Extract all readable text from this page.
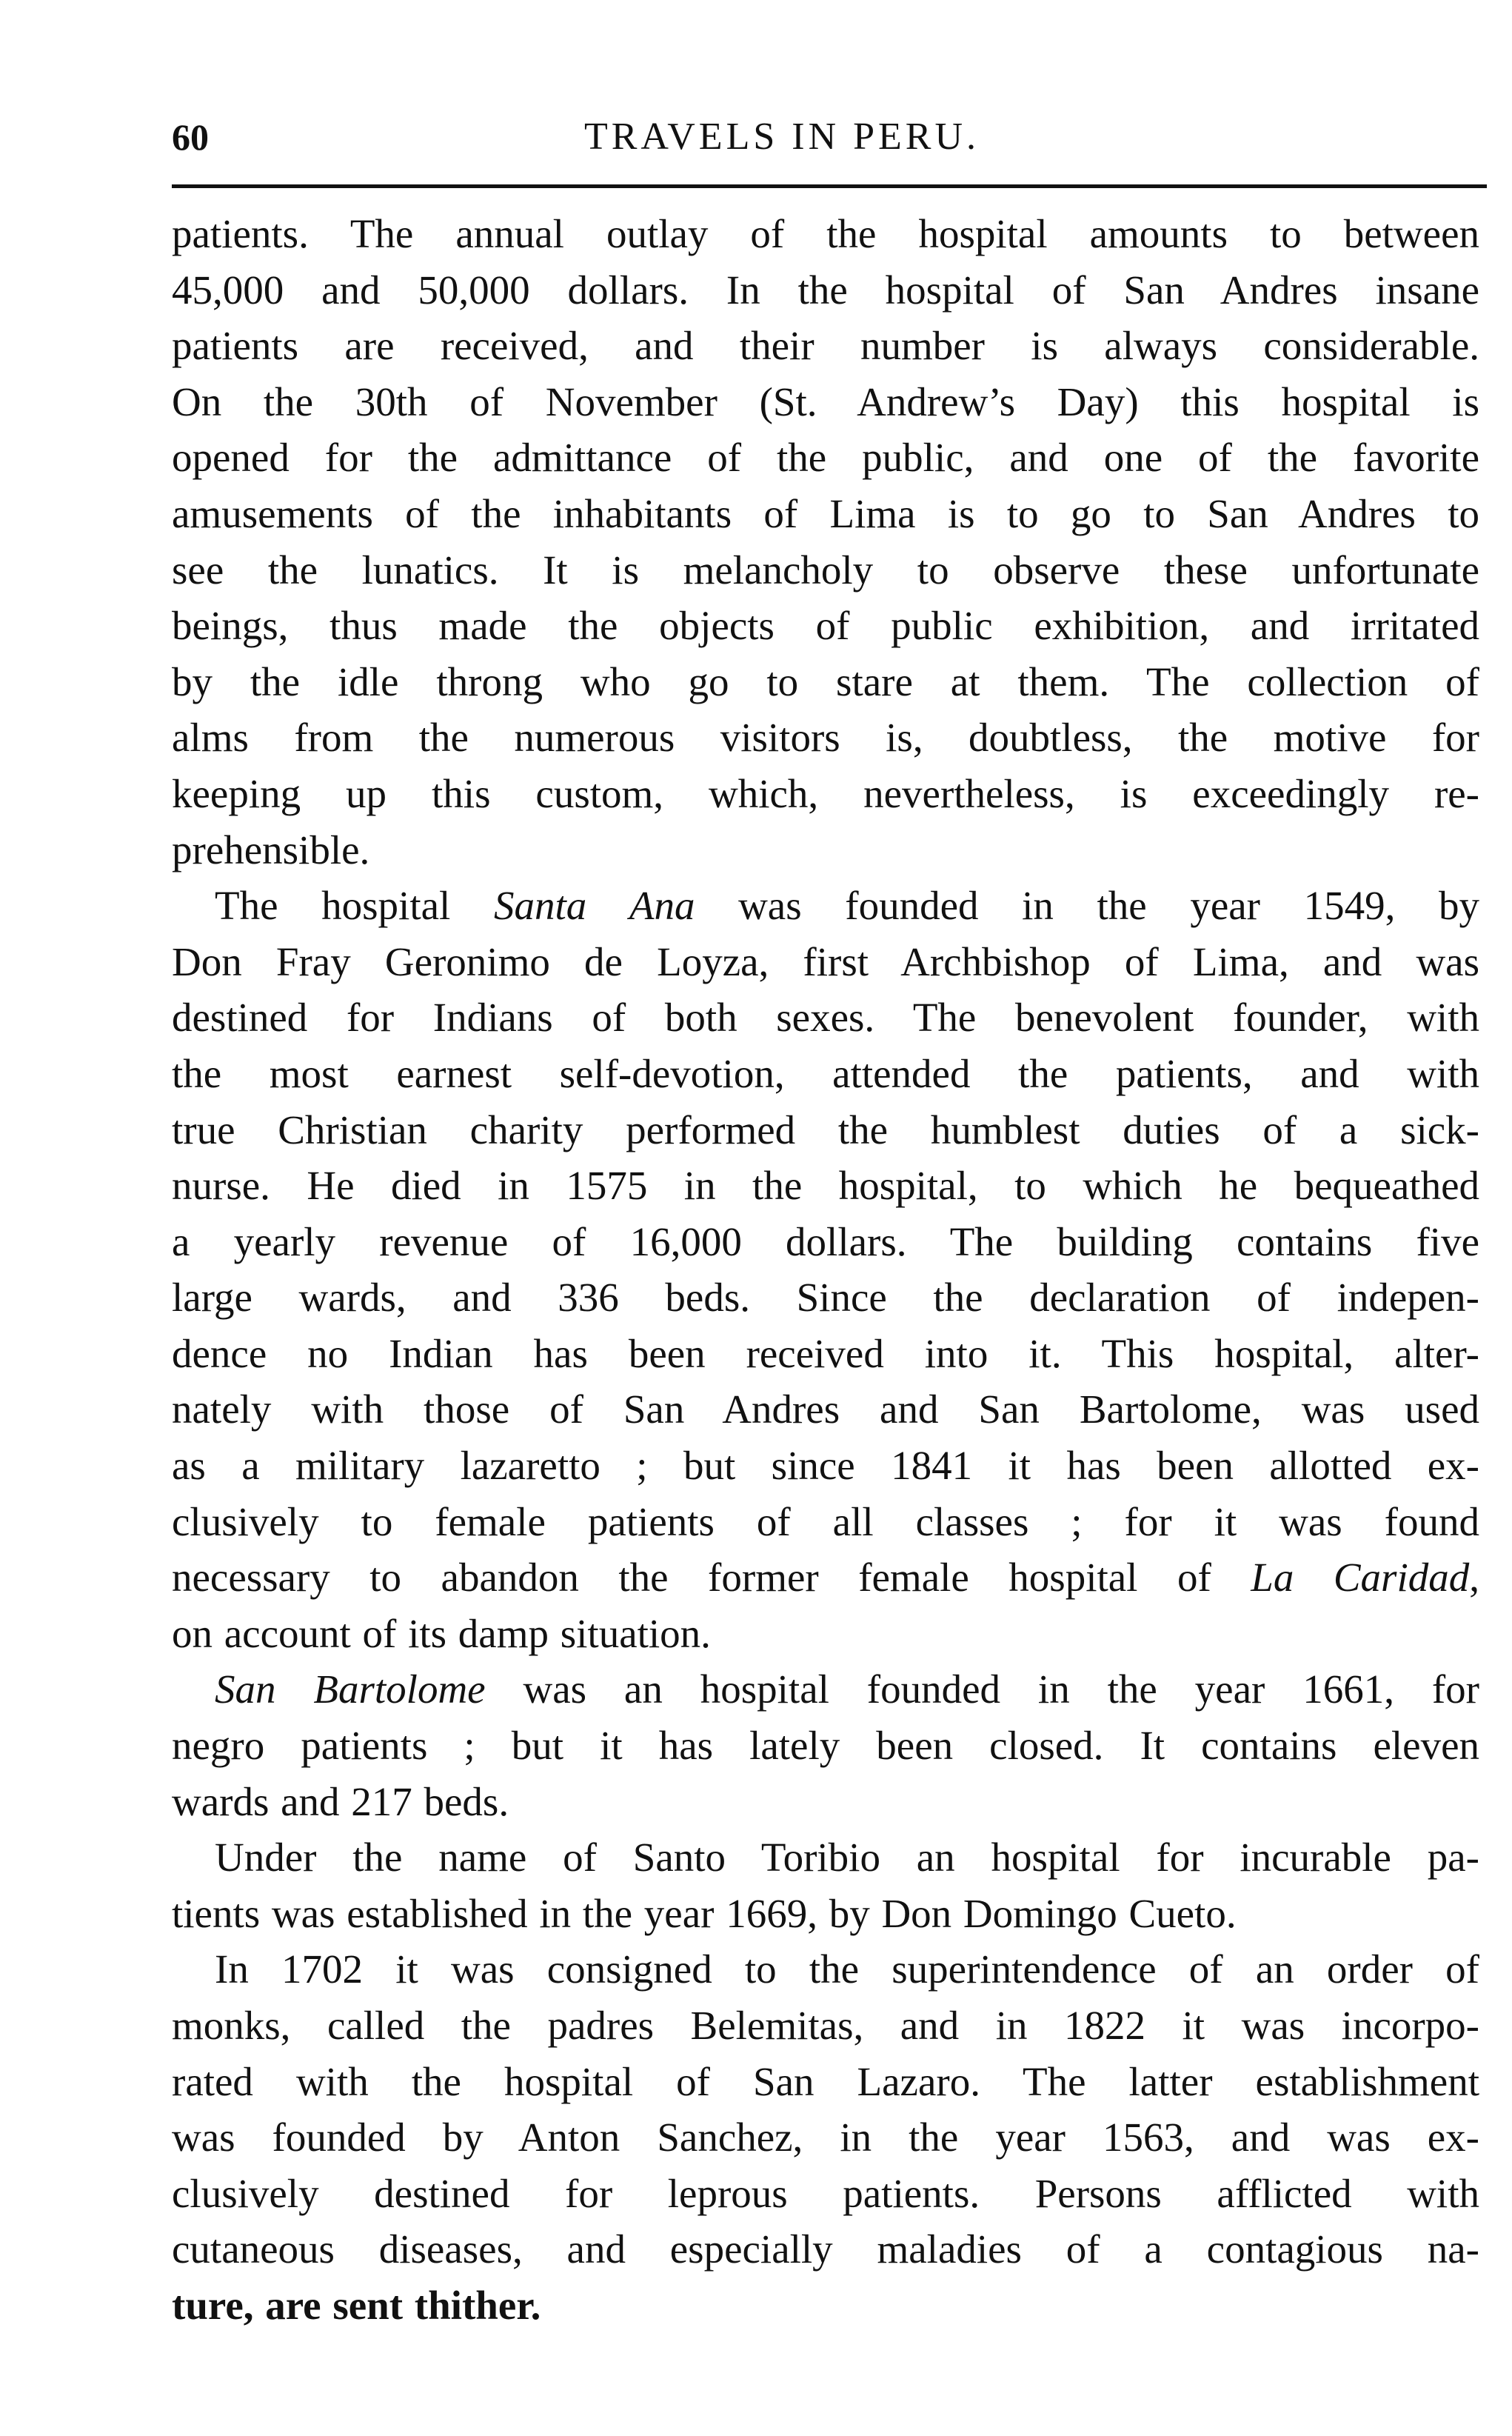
60	TRAVELS IN PERU.
patients. The annual outlay of the hospital amounts to between
45,000 and 50,000 dollars. In the hospital of San Andres insane
patients are received, and their number is always considerable.
On the 30th of November (St. Andrew’s Day) this hospital is
opened for the admittance of the public, and one of the favorite
amusements of the inhabitants of Lima is to go to San Andres to
see the lunatics. It is melancholy to observe these unfortunate
beings, thus made the objects of public exhibition, and irritated
by the idle throng who go to stare at them. The collection of
alms from the numerous visitors is, doubtless, the motive for
keeping up this custom, which, nevertheless, is exceedingly re-
prehensible.
The hospital Santa Ana was founded in the year 1549, by
Don Fray Geronimo de Loyza, first Archbishop of Lima, and was
destined for Indians of both sexes. The benevolent founder, with
the most earnest self-devotion, attended the patients, and with
true Christian charity performed the humblest duties of a sick-
nurse. He died in 1575 in the hospital, to which he bequeathed
a yearly revenue of 16,000 dollars. The building contains five
large wards, and 336 beds. Since the declaration of indepen-
dence no Indian has been received into it. This hospital, alter-
nately with those of San Andres and San Bartolome, was used
as a military lazaretto ; but since 1841 it has been allotted ex-
clusively to female patients of all classes ; for it was found
necessary to abandon the former female hospital of La Caridad,
on account of its damp situation.
San Bartolome was an hospital founded in the year 1661, for
negro patients ; but it has lately been closed. It contains eleven
wards and 217 beds.
Under the name of Santo Toribio an hospital for incurable pa-
tients was established in the year 1669, by Don Domingo Cueto.
In 1702 it was consigned to the superintendence of an order of
monks, called the padres Belemitas, and in 1822 it was incorpo-
rated with the hospital of San Lazaro. The latter establishment
was founded by Anton Sanchez, in the year 1563, and was ex-
clusively destined for leprous patients. Persons afflicted with
cutaneous diseases, and especially maladies of a contagious na-
ture, are sent thither.
